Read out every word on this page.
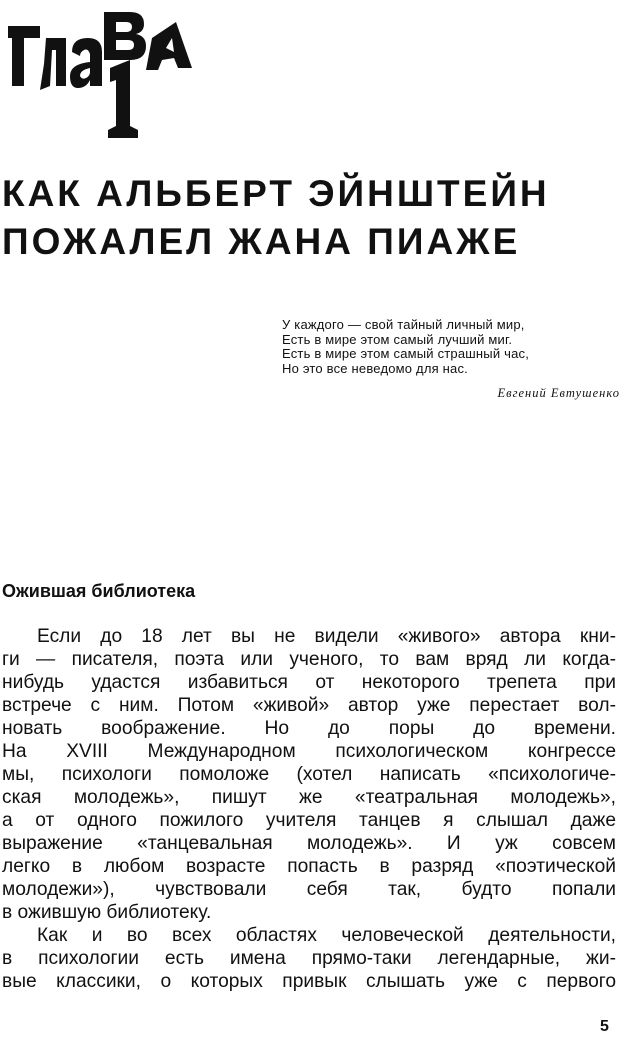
КАК АЛЬБЕРТ ЭЙНШТЕЙН
ПОЖАЛЕЛ ЖАНА ПИАЖЕ
У каждого — свой тайный личный мир,
Есть в мире этом самый лучший миг.
Есть в мире этом самый страшный час,
Но это все неведомо для нас.
Евгений Евтушенко
Ожившая библиотека
Если до 18 лет вы не видели «живого» автора кни-
ги — писателя, поэта или ученого, то вам вряд ли когда-
нибудь удастся избавиться от некоторого трепета при
встрече с ним. Потом «живой» автор уже перестает вол-
новать воображение. Но до поры до времени.
На XVIII Международном психологическом конгрессе
мы, психологи помоложе (хотел написать «психологиче-
ская молодежь», пишут же «театральная молодежь»,
а от одного пожилого учителя танцев я слышал даже
выражение «танцевальная молодежь». И уж совсем
легко в любом возрасте попасть в разряд «поэтической
молодежи»), чувствовали себя так, будто попали
в ожившую библиотеку.
Как и во всех областях человеческой деятельности,
в психологии есть имена прямо-таки легендарные, жи-
вые классики, о которых привык слышать уже с первого
5
